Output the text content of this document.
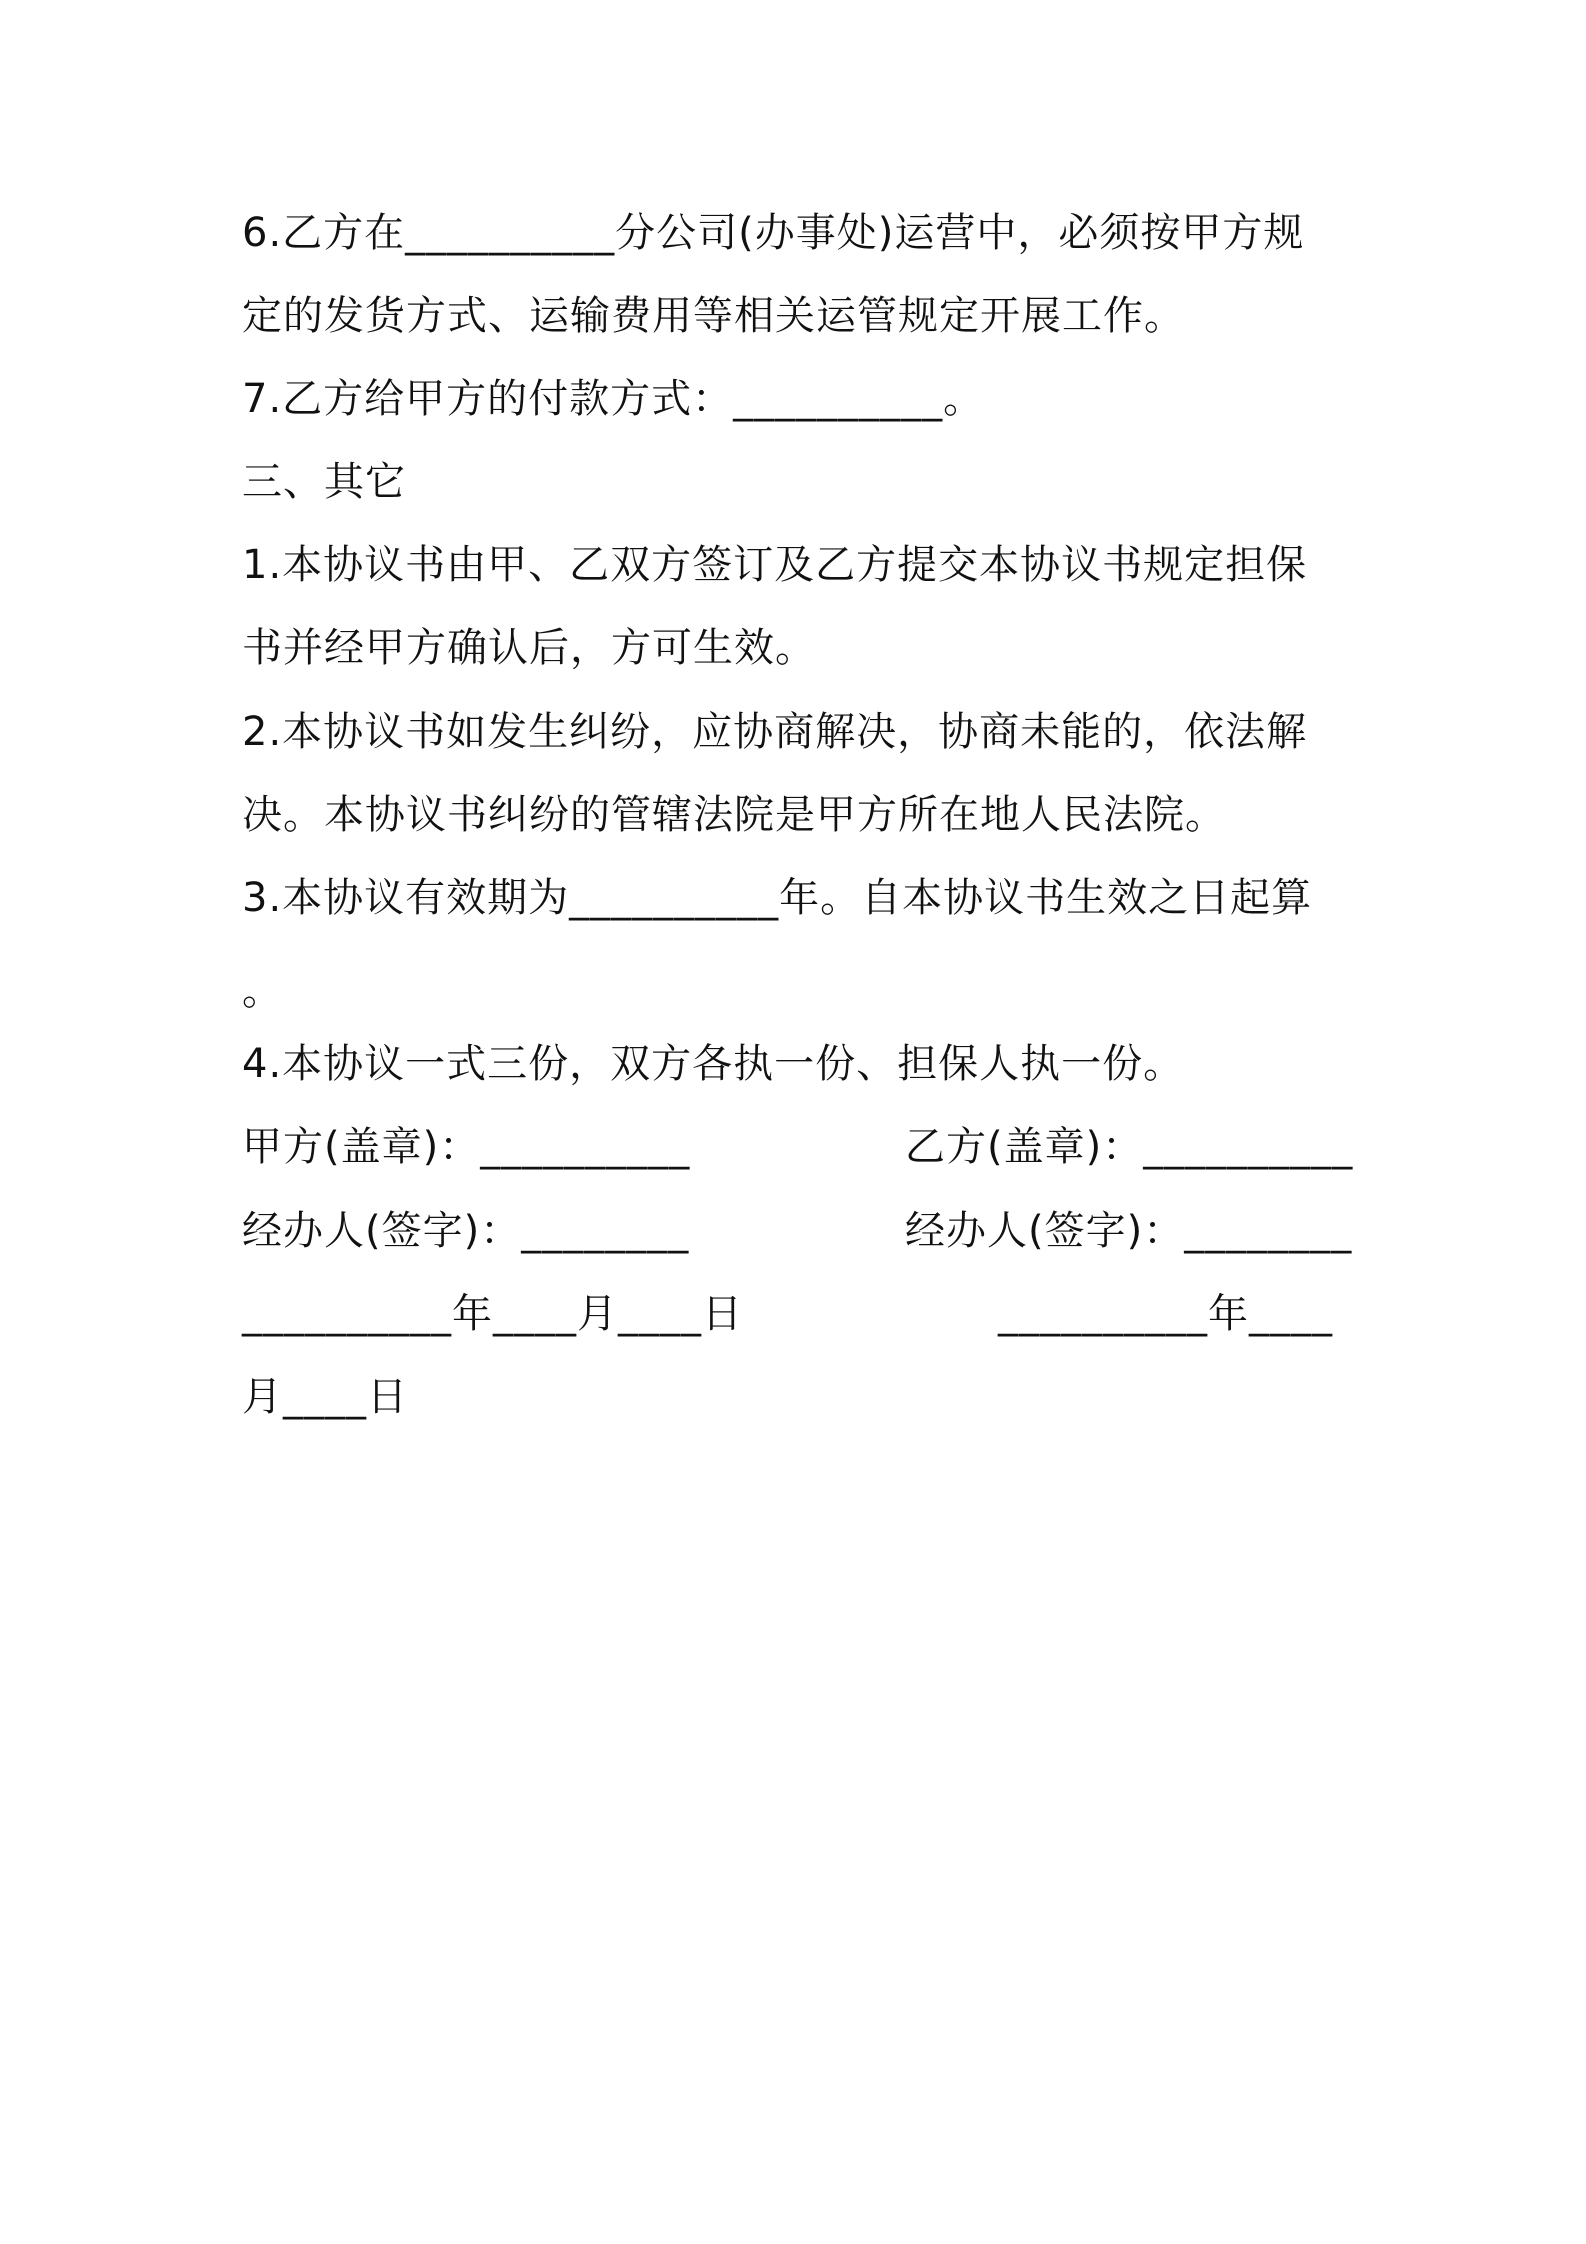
6.乙方在__________分公司(办事处)运营中，必须按甲方规
定的发货方式、运输费用等相关运管规定开展工作。
7.乙方给甲方的付款方式：__________。
三、其它
1.本协议书由甲、乙双方签订及乙方提交本协议书规定担保
书并经甲方确认后，方可生效。
2.本协议书如发生纠纷，应协商解决，协商未能的，依法解
决。本协议书纠纷的管辖法院是甲方所在地人民法院。
3.本协议有效期为__________年。自本协议书生效之日起算
。
4.本协议一式三份，双方各执一份、担保人执一份。
甲方(盖章)：__________	乙方(盖章)：__________
经办人(签字)：________	经办人(签字)：________
__________年____月____日	__________年____
月____日
